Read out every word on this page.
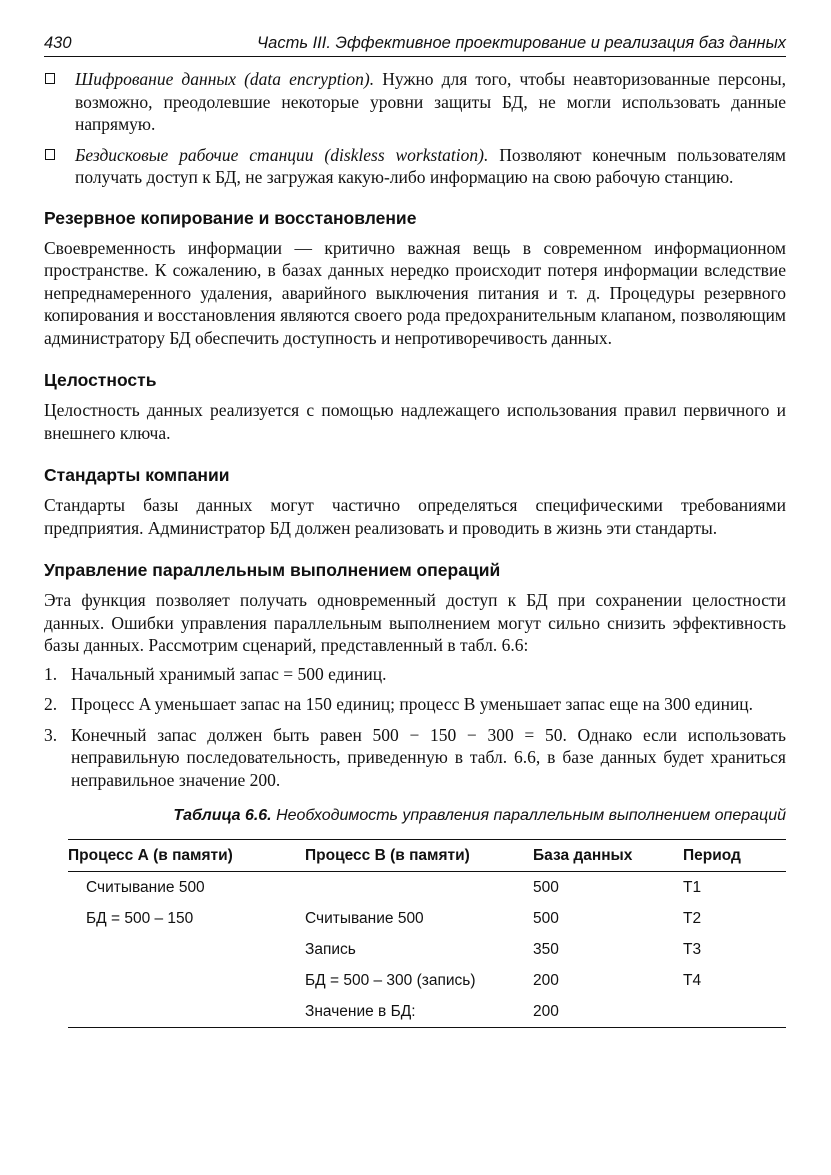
430	Часть III. Эффективное проектирование и реализация баз данных
Шифрование данных (data encryption). Нужно для того, чтобы неавторизованные персоны, возможно, преодолевшие некоторые уровни защиты БД, не могли использовать данные напрямую.
Бездисковые рабочие станции (diskless workstation). Позволяют конечным пользователям получать доступ к БД, не загружая какую-либо информацию на свою рабочую станцию.
Резервное копирование и восстановление

Своевременность информации — критично важная вещь в современном информационном пространстве. К сожалению, в базах данных нередко происходит потеря информации вследствие непреднамеренного удаления, аварийного выключения питания и т. д. Процедуры резервного копирования и восстановления являются своего рода предохранительным клапаном, позволяющим администратору БД обеспечить доступность и непротиворечивость данных.

Целостность

Целостность данных реализуется с помощью надлежащего использования правил первичного и внешнего ключа.

Стандарты компании

Стандарты базы данных могут частично определяться специфическими требованиями предприятия. Администратор БД должен реализовать и проводить в жизнь эти стандарты.

Управление параллельным выполнением операций

Эта функция позволяет получать одновременный доступ к БД при сохранении целостности данных. Ошибки управления параллельным выполнением могут сильно снизить эффективность базы данных. Рассмотрим сценарий, представленный в табл. 6.6:

1. Начальный хранимый запас = 500 единиц.
2. Процесс A уменьшает запас на 150 единиц; процесс B уменьшает запас еще на 300 единиц.
3. Конечный запас должен быть равен 500 − 150 − 300 = 50. Однако если использовать неправильную последовательность, приведенную в табл. 6.6, в базе данных будет храниться неправильное значение 200.
Таблица 6.6. Необходимость управления параллельным выполнением операций
Процесс А (в памяти)	Процесс В (в памяти)	База данных	Период
Считывание 500		500	T1
БД = 500 – 150	Считывание 500	500	T2
	Запись	350	T3
	БД = 500 – 300 (запись)	200	T4
	Значение в БД:	200	
